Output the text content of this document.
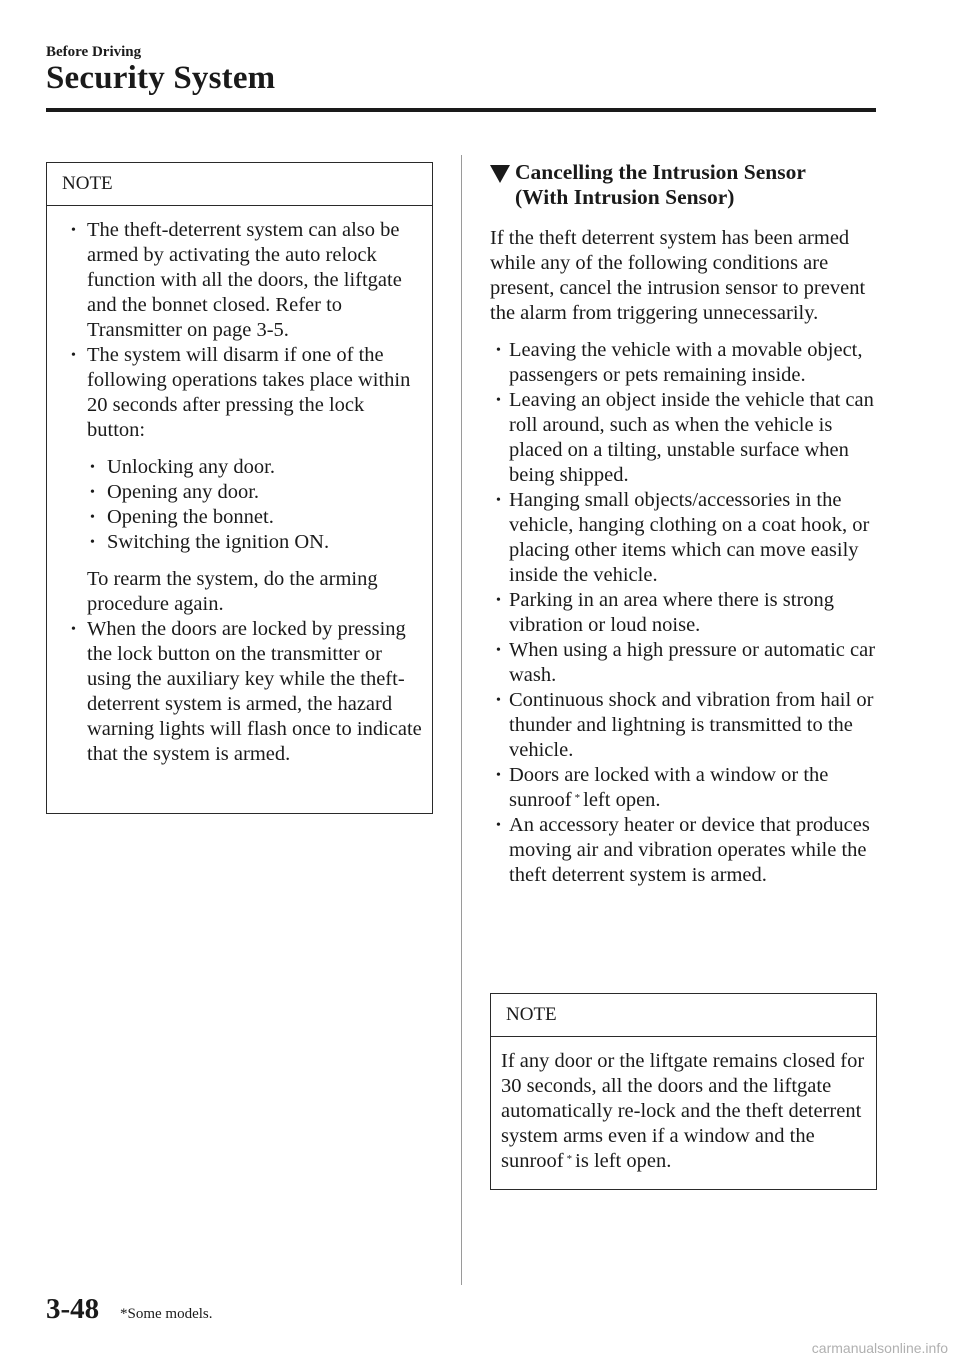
Before Driving
Security System
NOTE
• The theft-deterrent system can also be armed by activating the auto relock function with all the doors, the liftgate and the bonnet closed. Refer to Transmitter on page 3-5.
• The system will disarm if one of the following operations takes place within 20 seconds after pressing the lock button:
• Unlocking any door.
• Opening any door.
• Opening the bonnet.
• Switching the ignition ON.

To rearm the system, do the arming procedure again.

• When the doors are locked by pressing the lock button on the transmitter or using the auxiliary key while the theft-deterrent system is armed, the hazard warning lights will flash once to indicate that the system is armed.
Cancelling the Intrusion Sensor
(With Intrusion Sensor)

If the theft deterrent system has been armed while any of the following conditions are present, cancel the intrusion sensor to prevent the alarm from triggering unnecessarily.

• Leaving the vehicle with a movable object, passengers or pets remaining inside.
• Leaving an object inside the vehicle that can roll around, such as when the vehicle is placed on a tilting, unstable surface when being shipped.
• Hanging small objects/accessories in the vehicle, hanging clothing on a coat hook, or placing other items which can move easily inside the vehicle.
• Parking in an area where there is strong vibration or loud noise.
• When using a high pressure or automatic car wash.
• Continuous shock and vibration from hail or thunder and lightning is transmitted to the vehicle.
• Doors are locked with a window or the sunroof * left open.
• An accessory heater or device that produces moving air and vibration operates while the theft deterrent system is armed.
NOTE
If any door or the liftgate remains closed for 30 seconds, all the doors and the liftgate automatically re-lock and the theft deterrent system arms even if a window and the sunroof * is left open.
3-48 *Some models.
carmanualsonline.info
